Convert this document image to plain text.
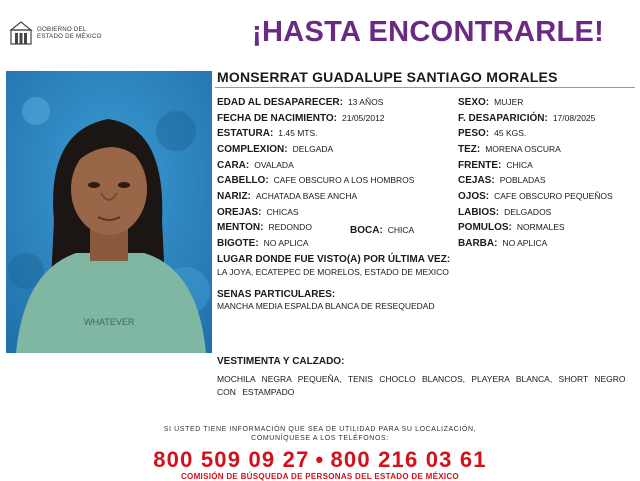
GOBIERNO DEL
ESTADO DE MÉXICO	¡HASTA ENCONTRARLE!
WHATEVER
MONSERRAT GUADALUPE SANTIAGO MORALES
EDAD AL DESAPARECER: 13 AÑOS
FECHA DE NACIMIENTO: 21/05/2012
ESTATURA: 1.45 MTS.
COMPLEXION: DELGADA
CARA: OVALADA
CABELLO: CAFE OBSCURO A LOS HOMBROS
NARIZ: ACHATADA BASE ANCHA
OREJAS: CHICAS
MENTON: REDONDO	BOCA: CHICA
BIGOTE: NO APLICA
SEXO: MUJER
F. DESAPARICIÓN: 17/08/2025
PESO: 45 KGS.
TEZ: MORENA OSCURA
FRENTE: CHICA
CEJAS: POBLADAS
OJOS: CAFE OBSCURO PEQUEÑOS
LABIOS: DELGADOS
POMULOS: NORMALES
BARBA: NO APLICA
LUGAR DONDE FUE VISTO(A) POR ÚLTIMA VEZ:
LA JOYA, ECATEPEC DE MORELOS, ESTADO DE MEXICO
SENAS PARTICULARES:
MANCHA MEDIA ESPALDA BLANCA DE RESEQUEDAD
VESTIMENTA Y CALZADO:
MOCHILA NEGRA PEQUEÑA, TENIS CHOCLO BLANCOS, PLAYERA BLANCA, SHORT NEGRO CON ESTAMPADO
SI USTED TIENE INFORMACIÓN QUE SEA DE UTILIDAD PARA SU LOCALIZACIÓN,
COMUNÍQUESE A LOS TELÉFONOS:
800 509 09 27 • 800 216 03 61
COMISIÓN DE BÚSQUEDA DE PERSONAS DEL ESTADO DE MÉXICO
